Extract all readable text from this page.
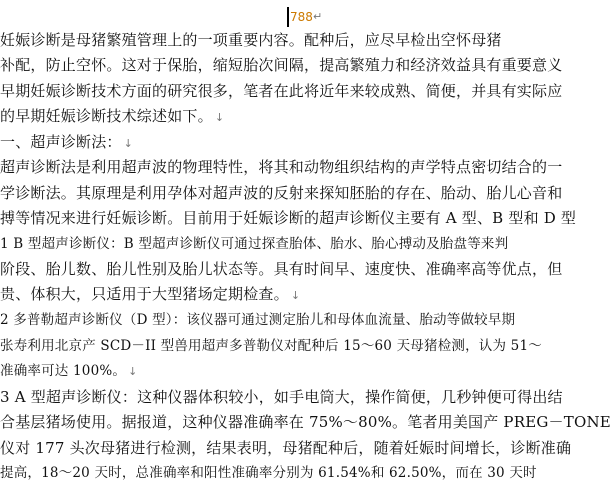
788 ↵
妊娠诊断是母猪繁殖管理上的一项重要内容。配种后，应尽早检出空怀母猪
补配，防止空怀。这对于保胎，缩短胎次间隔，提高繁殖力和经济效益具有重要意义
早期妊娠诊断技术方面的研究很多，笔者在此将近年来较成熟、简便，并具有实际应
的早期妊娠诊断技术综述如下。 ↓
一、超声诊断法： ↓
超声诊断法是利用超声波的物理特性，将其和动物组织结构的声学特点密切结合的一
学诊断法。其原理是利用孕体对超声波的反射来探知胚胎的存在、胎动、胎儿心音和
搏等情况来进行妊娠诊断。目前用于妊娠诊断的超声诊断仪主要有 A 型、B 型和 D 型
1 B 型超声诊断仪：B 型超声诊断仪可通过探查胎体、胎水、胎心搏动及胎盘等来判
阶段、胎儿数、胎儿性别及胎儿状态等。具有时间早、速度快、准确率高等优点，但
贵、体积大，只适用于大型猪场定期检查。 ↓
2 多普勒超声诊断仪（D 型）：该仪器可通过测定胎儿和母体血流量、胎动等做较早期
张寿利用北京产 SCD－II 型兽用超声多普勒仪对配种后 15～60 天母猪检测，认为 51～
准确率可达 100%。 ↓
3 A 型超声诊断仪：这种仪器体积较小，如手电筒大，操作简便，几秒钟便可得出结
合基层猪场使用。据报道，这种仪器准确率在 75%～80%。笔者用美国产 PREG－TONE
仪对 177 头次母猪进行检测，结果表明，母猪配种后，随着妊娠时间增长，诊断准确
提高，18～20 天时，总准确率和阳性准确率分别为 61.54%和 62.50%，而在 30 天时
